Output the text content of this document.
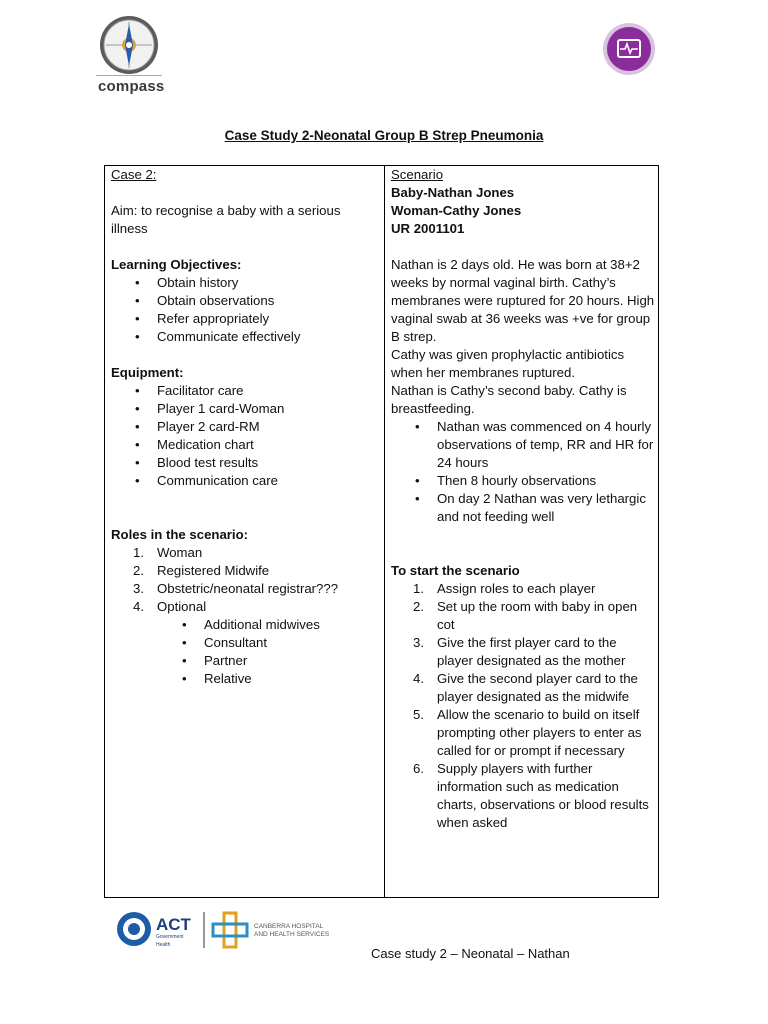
compass
Case Study 2-Neonatal Group B Strep Pneumonia
Case 2:
Aim: to recognise a baby with a serious illness
Learning Objectives:
• Obtain history
• Obtain observations
• Refer appropriately
• Communicate effectively
Equipment:
• Facilitator care
• Player 1 card-Woman
• Player 2 card-RM
• Medication chart
• Blood test results
• Communication care
Roles in the scenario:
1. Woman
2. Registered Midwife
3. Obstetric/neonatal registrar???
4. Optional
• Additional midwives
• Consultant
• Partner
• Relative
Scenario
Baby-Nathan Jones
Woman-Cathy Jones
UR 2001101
Nathan is 2 days old. He was born at 38+2 weeks by normal vaginal birth. Cathy’s membranes were ruptured for 20 hours. High vaginal swab at 36 weeks was +ve for group B strep.
Cathy was given prophylactic antibiotics when her membranes ruptured.
Nathan is Cathy’s second baby. Cathy is breastfeeding.
• Nathan was commenced on 4 hourly observations of temp, RR and HR for 24 hours
• Then 8 hourly observations
• On day 2 Nathan was very lethargic and not feeding well
To start the scenario
1. Assign roles to each player
2. Set up the room with baby in open cot
3. Give the first player card to the player designated as the mother
4. Give the second player card to the player designated as the midwife
5. Allow the scenario to build on itself prompting other players to enter as called for or prompt if necessary
6. Supply players with further information such as medication charts, observations or blood results when asked
ACT
Government
Health
CANBERRA HOSPITAL
AND HEALTH SERVICES
Case study 2 – Neonatal – Nathan
